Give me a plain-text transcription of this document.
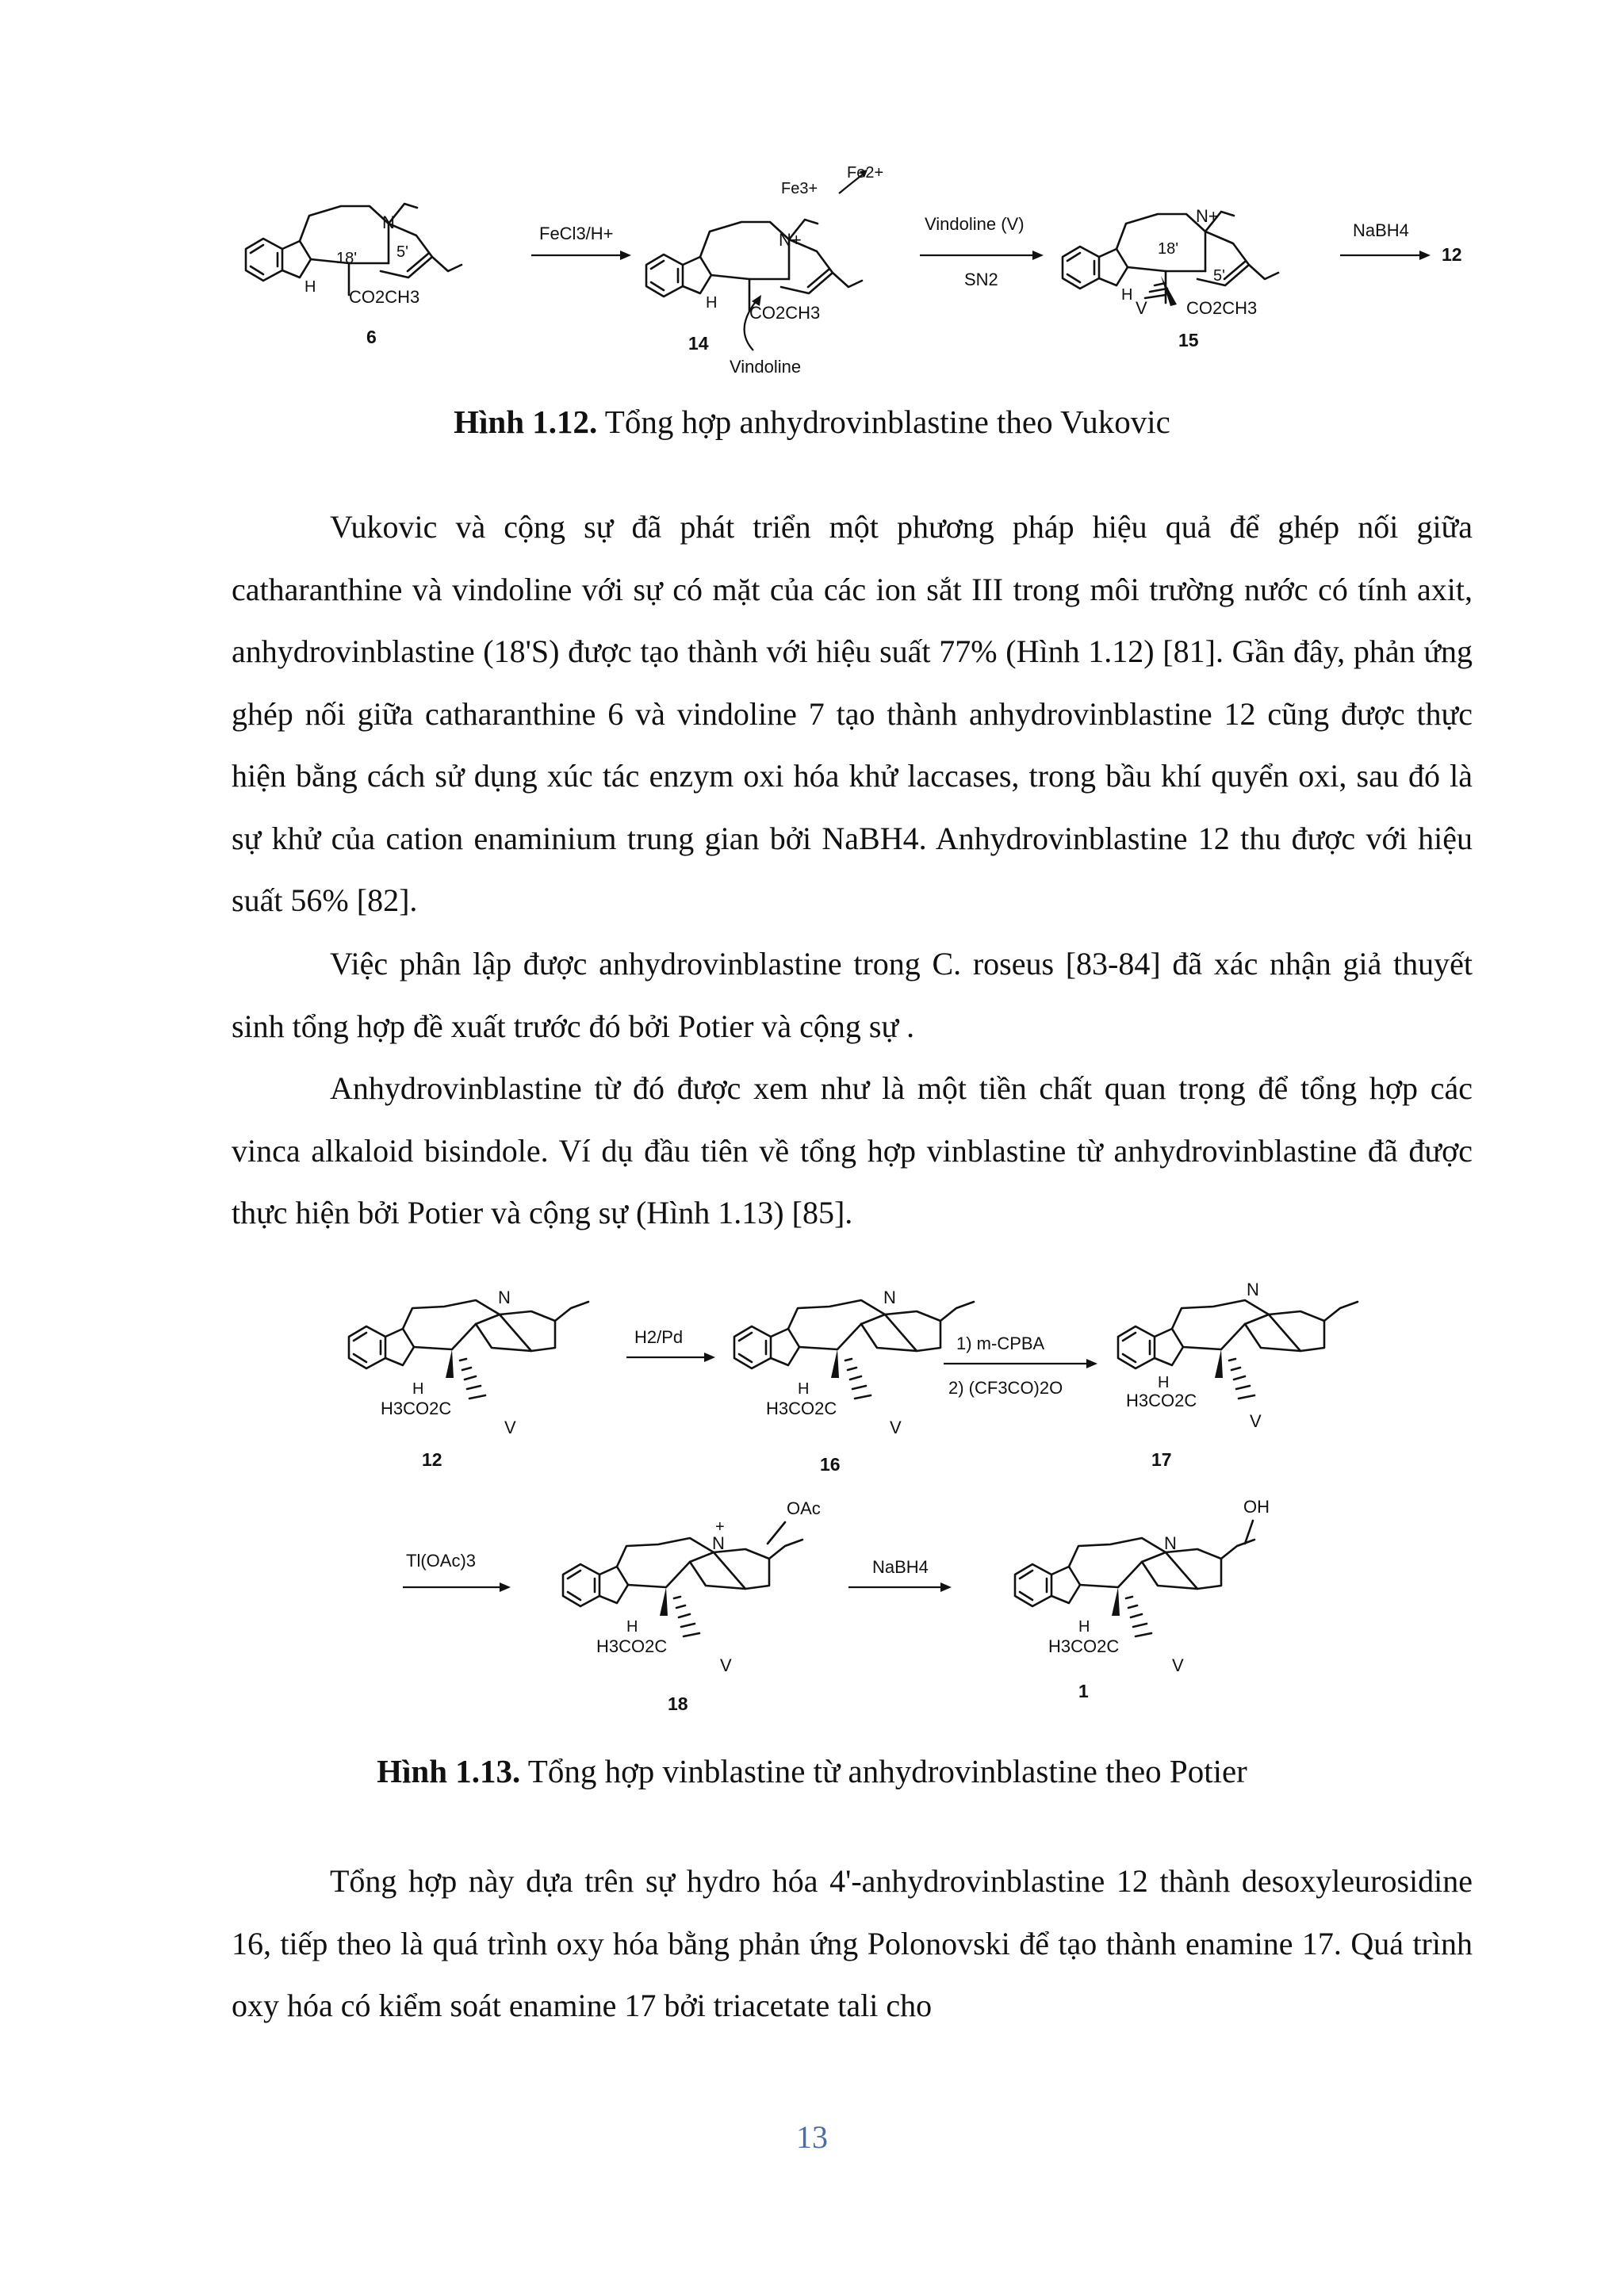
FeCl3/H+
Fe3+
Fe2+
Vindoline (V)
SN2
NaBH4
Vindoline
N
H
18' 5'
CO2CH3
N+
H CO2CH3
N+
H
18'
5'
V CO2CH3
6	14	15
12
Hình 1.12. Tổng hợp anhydrovinblastine theo Vukovic

Vukovic và cộng sự đã phát triển một phương pháp hiệu quả để ghép nối giữa catharanthine và vindoline với sự có mặt của các ion sắt III trong môi trường nước có tính axit, anhydrovinblastine (18'S) được tạo thành với hiệu suất 77% (Hình 1.12) [81]. Gần đây, phản ứng ghép nối giữa catharanthine 6 và vindoline 7 tạo thành anhydrovinblastine 12 cũng được thực hiện bằng cách sử dụng xúc tác enzym oxi hóa khử laccases, trong bầu khí quyển oxi, sau đó là sự khử của cation enaminium trung gian bởi NaBH4. Anhydrovinblastine 12 thu được với hiệu suất 56% [82].

Việc phân lập được anhydrovinblastine trong C. roseus [83-84] đã xác nhận giả thuyết sinh tổng hợp đề xuất trước đó bởi Potier và cộng sự .

Anhydrovinblastine từ đó được xem như là một tiền chất quan trọng để tổng hợp các vinca alkaloid bisindole. Ví dụ đầu tiên về tổng hợp vinblastine từ anhydrovinblastine đã được thực hiện bởi Potier và cộng sự (Hình 1.13) [85].

H2/Pd	1) m-CPBA
2) (CF3CO)2O
Tl(OAc)3	NaBH4
N
H
H3CO2C
V
N
H
H3CO2C
V
N
H
H3CO2C
V
+
N
OAc
H
H3CO2C
V
N
OH
H
H3CO2C
V
12	16	17
18
1
Hình 1.13. Tổng hợp vinblastine từ anhydrovinblastine theo Potier

Tổng hợp này dựa trên sự hydro hóa 4'-anhydrovinblastine 12 thành desoxyleurosidine 16, tiếp theo là quá trình oxy hóa bằng phản ứng Polonovski để tạo thành enamine 17. Quá trình oxy hóa có kiểm soát enamine 17 bởi triacetate tali cho

13
